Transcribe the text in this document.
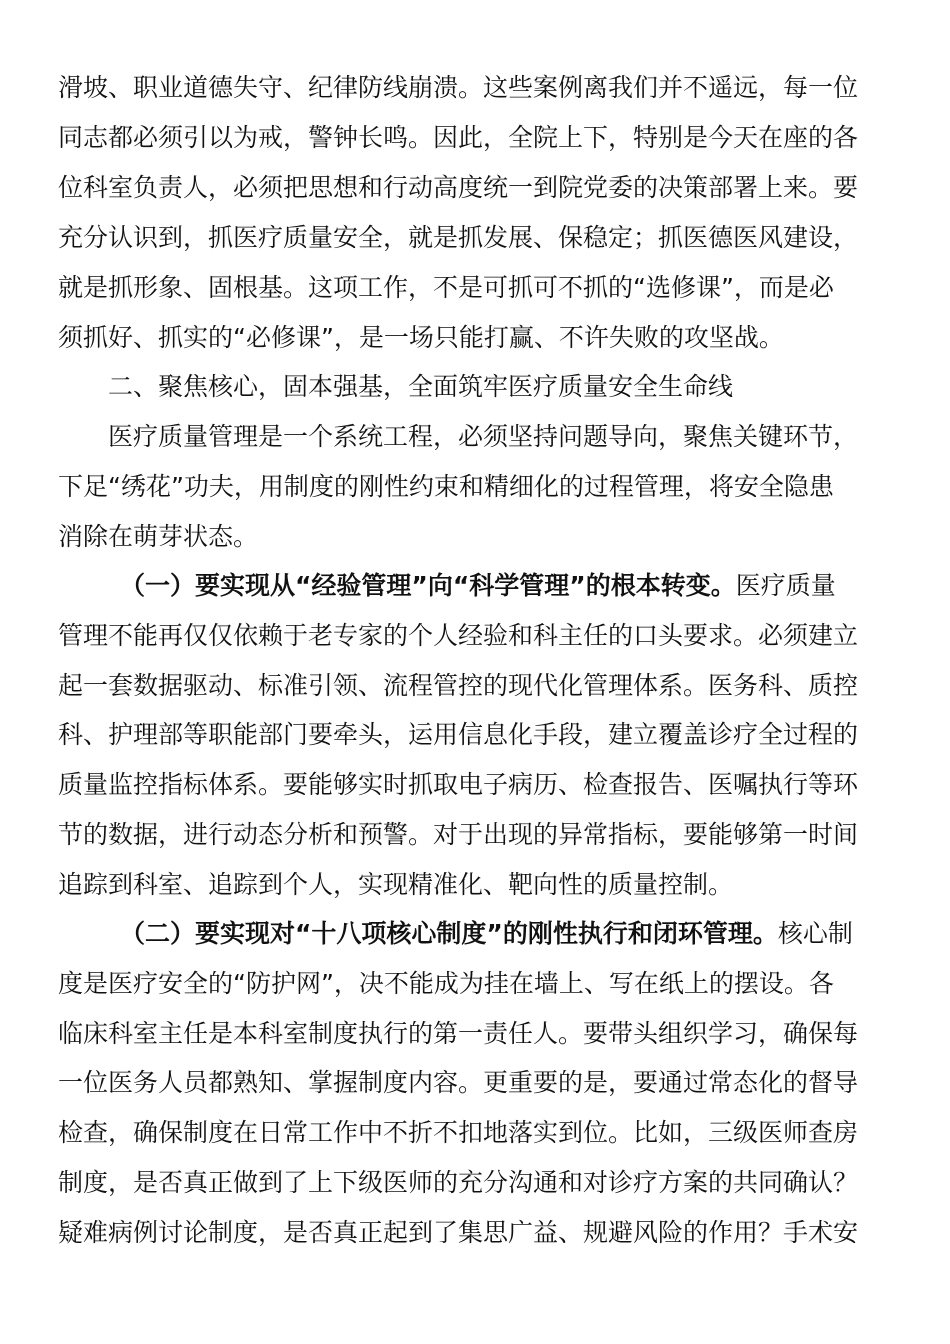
滑坡、职业道德失守、纪律防线崩溃。这些案例离我们并不遥远，每一位
同志都必须引以为戒，警钟长鸣。因此，全院上下，特别是今天在座的各
位科室负责人，必须把思想和行动高度统一到院党委的决策部署上来。要
充分认识到，抓医疗质量安全，就是抓发展、保稳定；抓医德医风建设，
就是抓形象、固根基。这项工作，不是可抓可不抓的“选修课”，而是必
须抓好、抓实的“必修课”，是一场只能打赢、不许失败的攻坚战。
二、聚焦核心，固本强基，全面筑牢医疗质量安全生命线
医疗质量管理是一个系统工程，必须坚持问题导向，聚焦关键环节，
下足“绣花”功夫，用制度的刚性约束和精细化的过程管理，将安全隐患
消除在萌芽状态。
（一）要实现从“经验管理”向“科学管理”的根本转变。医疗质量
管理不能再仅仅依赖于老专家的个人经验和科主任的口头要求。必须建立
起一套数据驱动、标准引领、流程管控的现代化管理体系。医务科、质控
科、护理部等职能部门要牵头，运用信息化手段，建立覆盖诊疗全过程的
质量监控指标体系。要能够实时抓取电子病历、检查报告、医嘱执行等环
节的数据，进行动态分析和预警。对于出现的异常指标，要能够第一时间
追踪到科室、追踪到个人，实现精准化、靶向性的质量控制。
（二）要实现对“十八项核心制度”的刚性执行和闭环管理。核心制
度是医疗安全的“防护网”，决不能成为挂在墙上、写在纸上的摆设。各
临床科室主任是本科室制度执行的第一责任人。要带头组织学习，确保每
一位医务人员都熟知、掌握制度内容。更重要的是，要通过常态化的督导
检查，确保制度在日常工作中不折不扣地落实到位。比如，三级医师查房
制度，是否真正做到了上下级医师的充分沟通和对诊疗方案的共同确认？
疑难病例讨论制度，是否真正起到了集思广益、规避风险的作用？手术安
